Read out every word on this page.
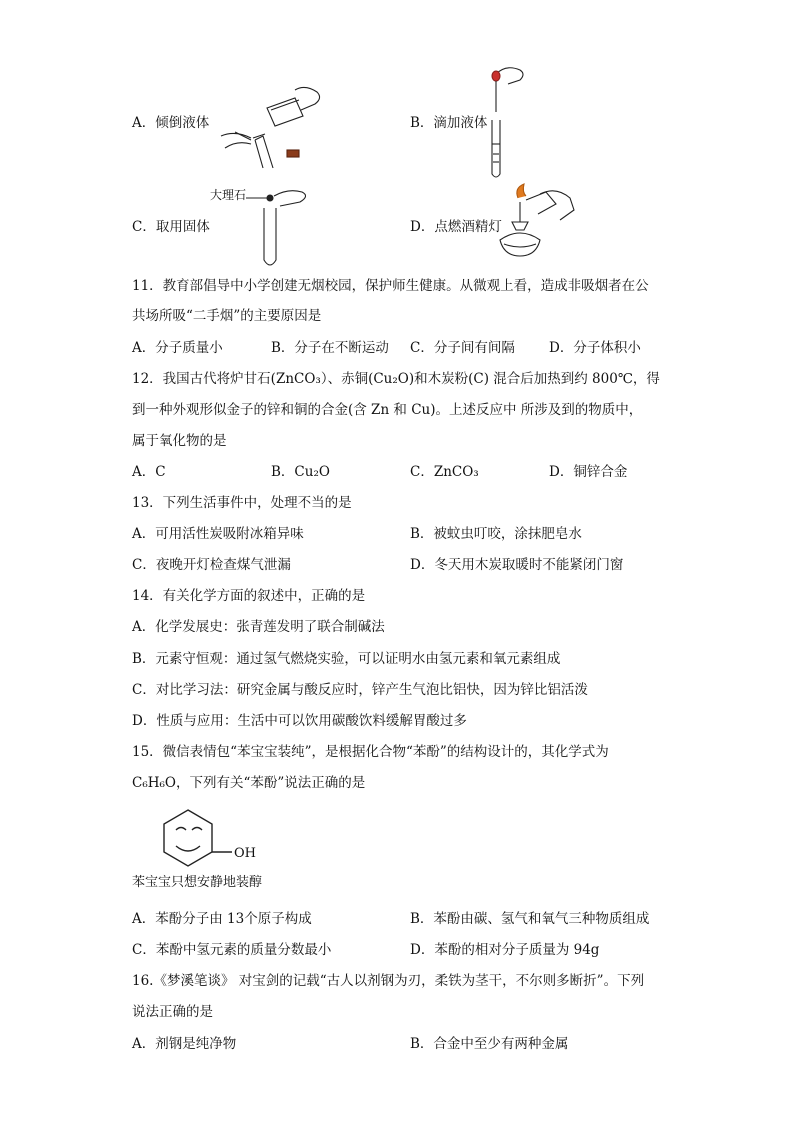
A．倾倒液体	B．滴加液体
大理石
C．取用固体	D．点燃酒精灯
11．教育部倡导中小学创建无烟校园，保护师生健康。从微观上看，造成非吸烟者在公
共场所吸“二手烟”的主要原因是
A．分子质量小	B．分子在不断运动 C．分子间有间隔	D．分子体积小
12．我国古代将炉甘石(ZnCO₃）、赤铜(Cu₂O)和木炭粉(C) 混合后加热到约 800℃，得
到一种外观形似金子的锌和铜的合金(含 Zn 和 Cu)。上述反应中 所涉及到的物质中，
属于氧化物的是
A．C	B．Cu₂O	C．ZnCO₃	D．铜锌合金
13．下列生活事件中，处理不当的是
A．可用活性炭吸附冰箱异味	B．被蚊虫叮咬，涂抹肥皂水
C．夜晚开灯检查煤气泄漏	D．冬天用木炭取暖时不能紧闭门窗
14．有关化学方面的叙述中，正确的是
A．化学发展史：张青莲发明了联合制碱法
B．元素守恒观：通过氢气燃烧实验，可以证明水由氢元素和氧元素组成
C．对比学习法：研究金属与酸反应时，锌产生气泡比铝快，因为锌比铝活泼
D．性质与应用：生活中可以饮用碳酸饮料缓解胃酸过多
15．微信表情包“苯宝宝装纯”，是根据化合物“苯酚”的结构设计的，其化学式为
C₆H₆O，下列有关“苯酚”说法正确的是
OH
苯宝宝只想安静地装醇
A．苯酚分子由 13个原子构成	B．苯酚由碳、氢气和氧气三种物质组成
C．苯酚中氢元素的质量分数最小	D．苯酚的相对分子质量为 94g
16.《梦溪笔谈》 对宝剑的记载“古人以剂钢为刃，柔铁为茎干，不尔则多断折”。下列
说法正确的是
A．剂钢是纯净物	B．合金中至少有两种金属
